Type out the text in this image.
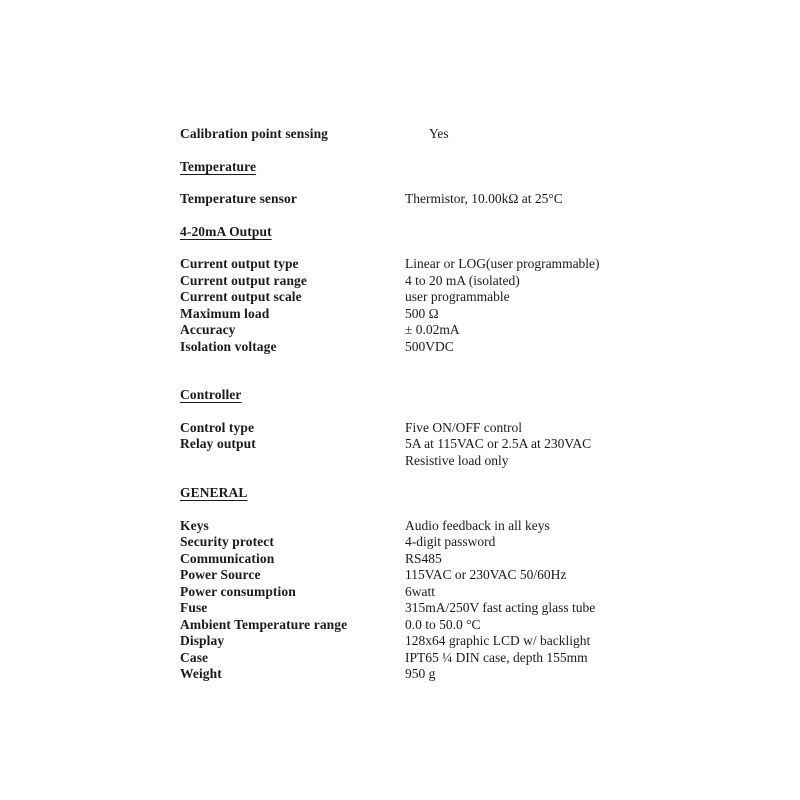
Calibration point sensing	Yes
Temperature
Temperature sensor	Thermistor, 10.00kΩ at 25°C
4-20mA Output
Current output type	Linear or LOG(user programmable)
Current output range	4 to 20 mA (isolated)
Current output scale	user programmable
Maximum load	500 Ω
Accuracy	± 0.02mA
Isolation voltage	500VDC
Controller
Control type	Five ON/OFF control
Relay output	5A at 115VAC or 2.5A at 230VAC
Resistive load only
GENERAL
Keys	Audio feedback in all keys
Security protect	4-digit password
Communication	RS485
Power Source	115VAC or 230VAC 50/60Hz
Power consumption	6watt
Fuse	315mA/250V fast acting glass tube
Ambient Temperature range	0.0 to 50.0 °C
Display	128x64 graphic LCD w/ backlight
Case	IPT65 ¼ DIN case, depth 155mm
Weight	950 g
